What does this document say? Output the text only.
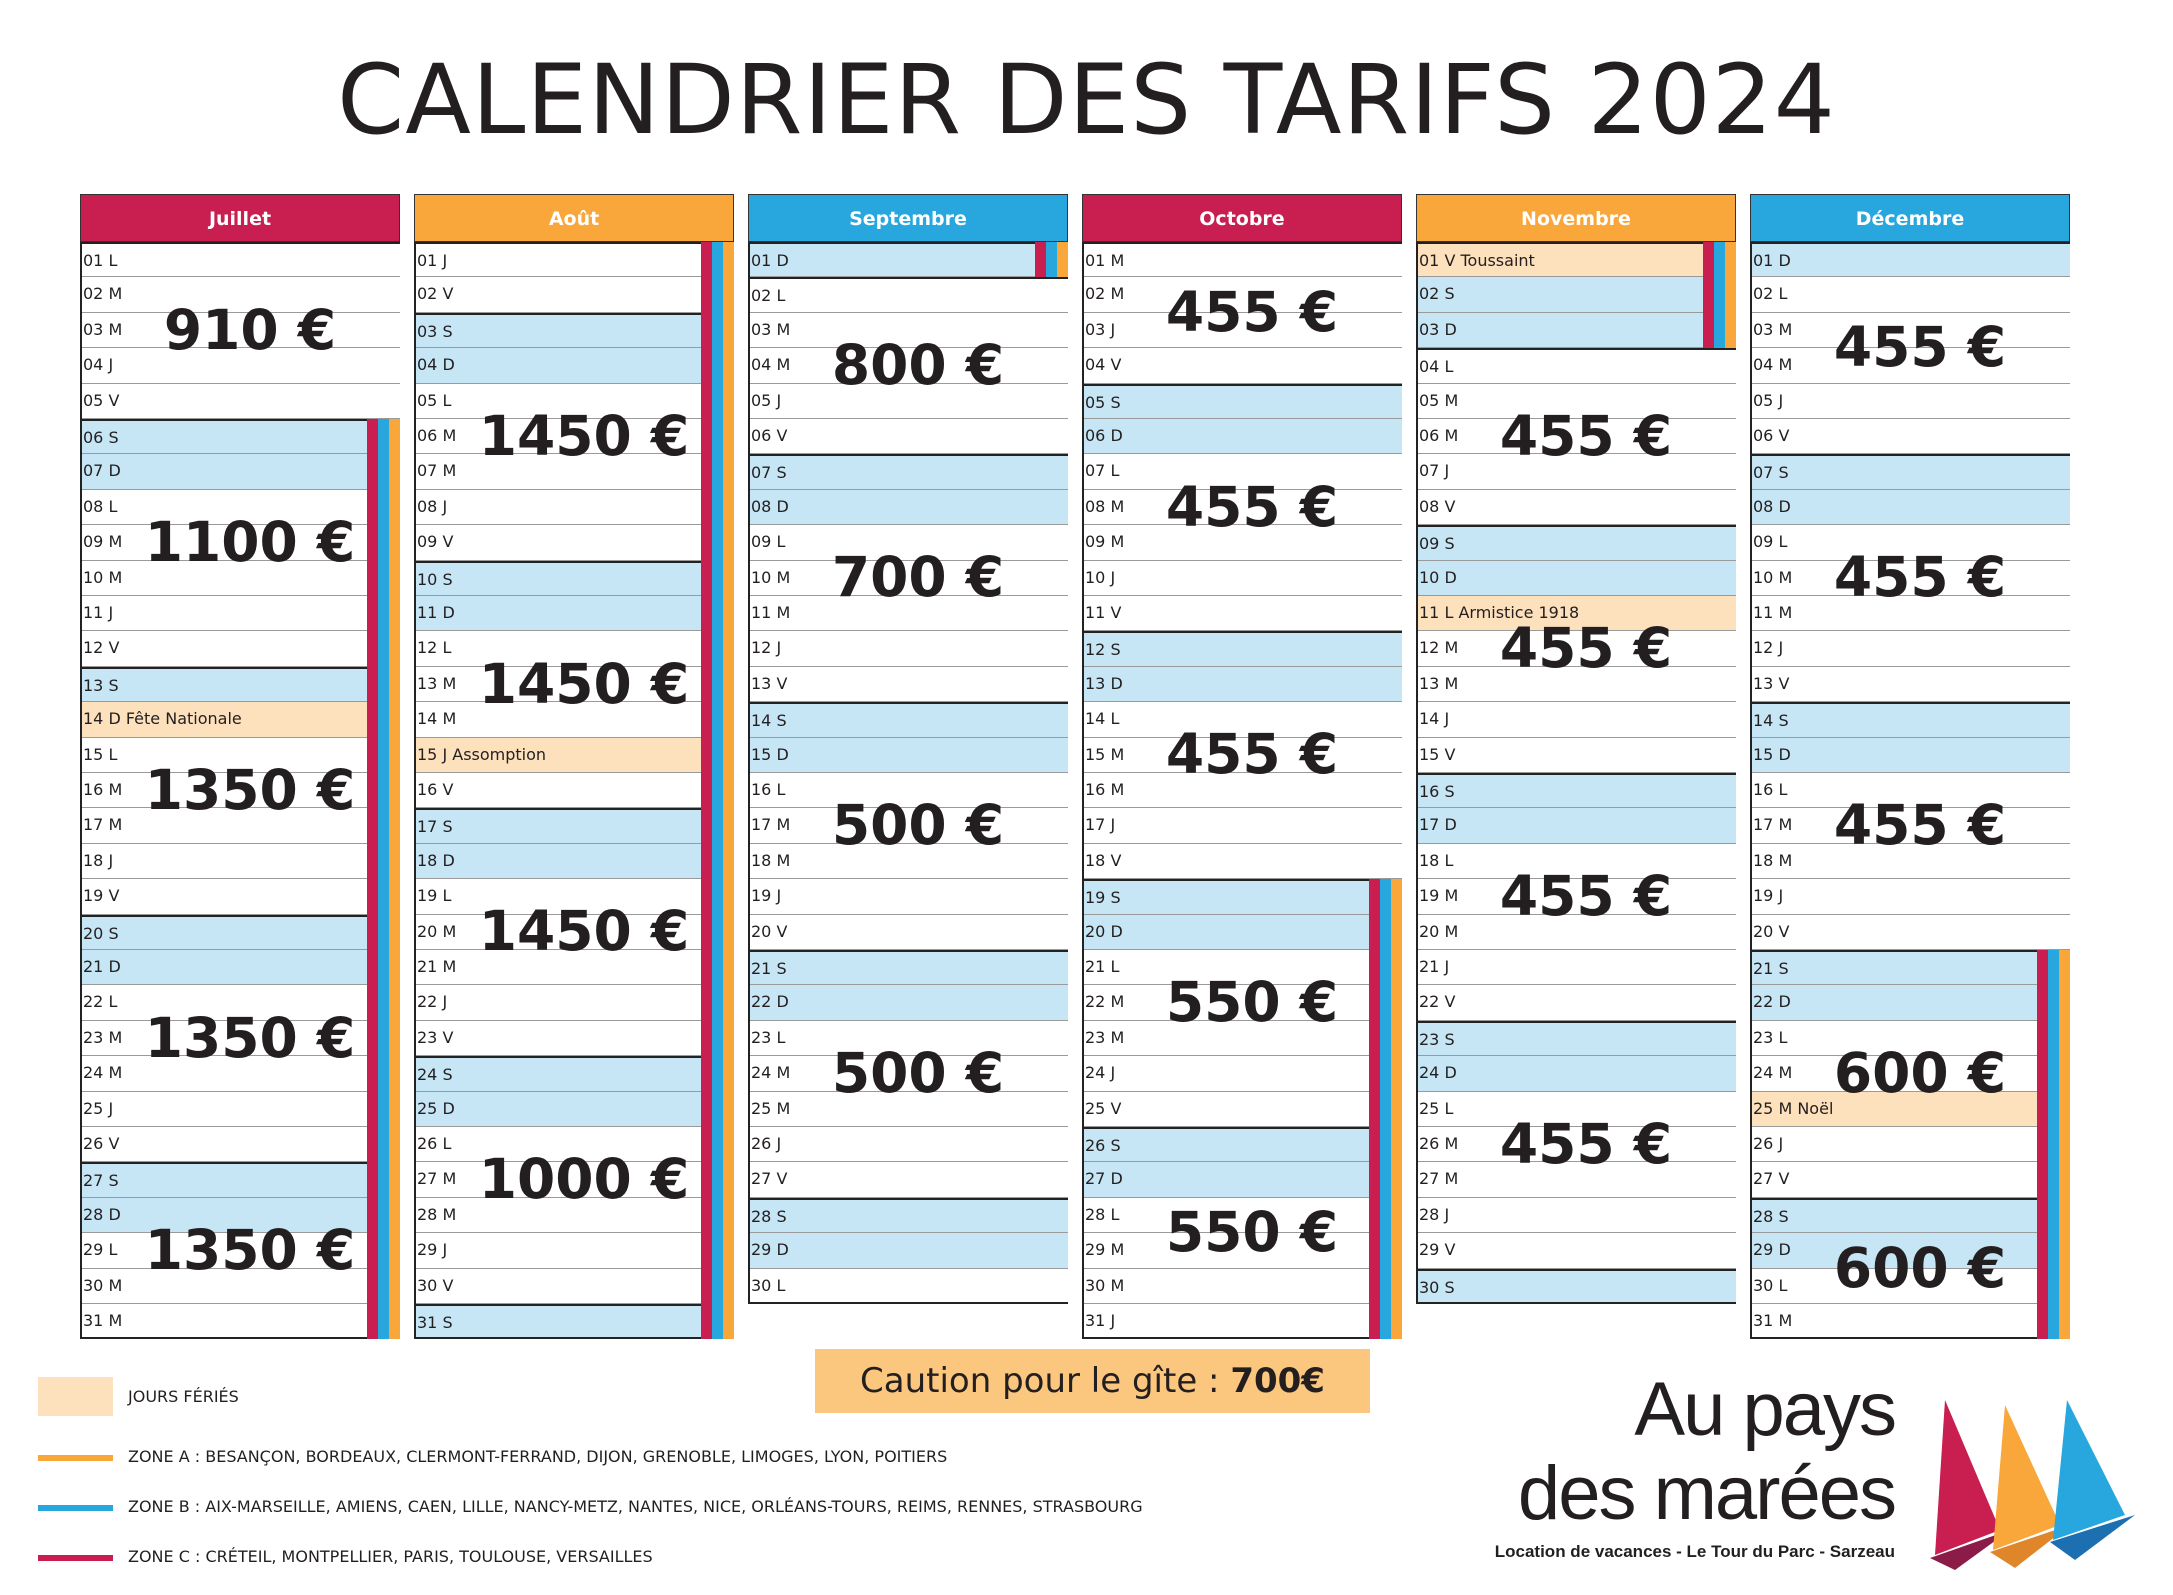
CALENDRIER DES TARIFS 2024
Juillet
01 L
02 M
03 M
04 J
05 V
06 S
07 D
08 L
09 M
10 M
11 J
12 V
13 S
14 D Fête Nationale
15 L
16 M
17 M
18 J
19 V
20 S
21 D
22 L
23 M
24 M
25 J
26 V
27 S
28 D
29 L
30 M
31 M
910 €
1100 €
1350 €
1350 €
1350 €
Août
01 J
02 V
03 S
04 D
05 L
06 M
07 M
08 J
09 V
10 S
11 D
12 L
13 M
14 M
15 J Assomption
16 V
17 S
18 D
19 L
20 M
21 M
22 J
23 V
24 S
25 D
26 L
27 M
28 M
29 J
30 V
31 S
1450 €
1450 €
1450 €
1000 €
Septembre
01 D
02 L
03 M
04 M
05 J
06 V
07 S
08 D
09 L
10 M
11 M
12 J
13 V
14 S
15 D
16 L
17 M
18 M
19 J
20 V
21 S
22 D
23 L
24 M
25 M
26 J
27 V
28 S
29 D
30 L
800 €
700 €
500 €
500 €
Octobre
01 M
02 M
03 J
04 V
05 S
06 D
07 L
08 M
09 M
10 J
11 V
12 S
13 D
14 L
15 M
16 M
17 J
18 V
19 S
20 D
21 L
22 M
23 M
24 J
25 V
26 S
27 D
28 L
29 M
30 M
31 J
455 €
455 €
455 €
550 €
550 €
Novembre
01 V Toussaint
02 S
03 D
04 L
05 M
06 M
07 J
08 V
09 S
10 D
11 L Armistice 1918
12 M
13 M
14 J
15 V
16 S
17 D
18 L
19 M
20 M
21 J
22 V
23 S
24 D
25 L
26 M
27 M
28 J
29 V
30 S
455 €
455 €
455 €
455 €
Décembre
01 D
02 L
03 M
04 M
05 J
06 V
07 S
08 D
09 L
10 M
11 M
12 J
13 V
14 S
15 D
16 L
17 M
18 M
19 J
20 V
21 S
22 D
23 L
24 M
25 M Noël
26 J
27 V
28 S
29 D
30 L
31 M
455 €
455 €
455 €
600 €
600 €
Caution pour le gîte : 700€
JOURS FÉRIÉS
ZONE A : BESANÇON, BORDEAUX, CLERMONT-FERRAND, DIJON, GRENOBLE, LIMOGES, LYON, POITIERS
ZONE B : AIX-MARSEILLE, AMIENS, CAEN, LILLE, NANCY-METZ, NANTES, NICE, ORLÉANS-TOURS, REIMS, RENNES, STRASBOURG
ZONE C : CRÉTEIL, MONTPELLIER, PARIS, TOULOUSE, VERSAILLES
Au pays
des marées
Location de vacances - Le Tour du Parc - Sarzeau
